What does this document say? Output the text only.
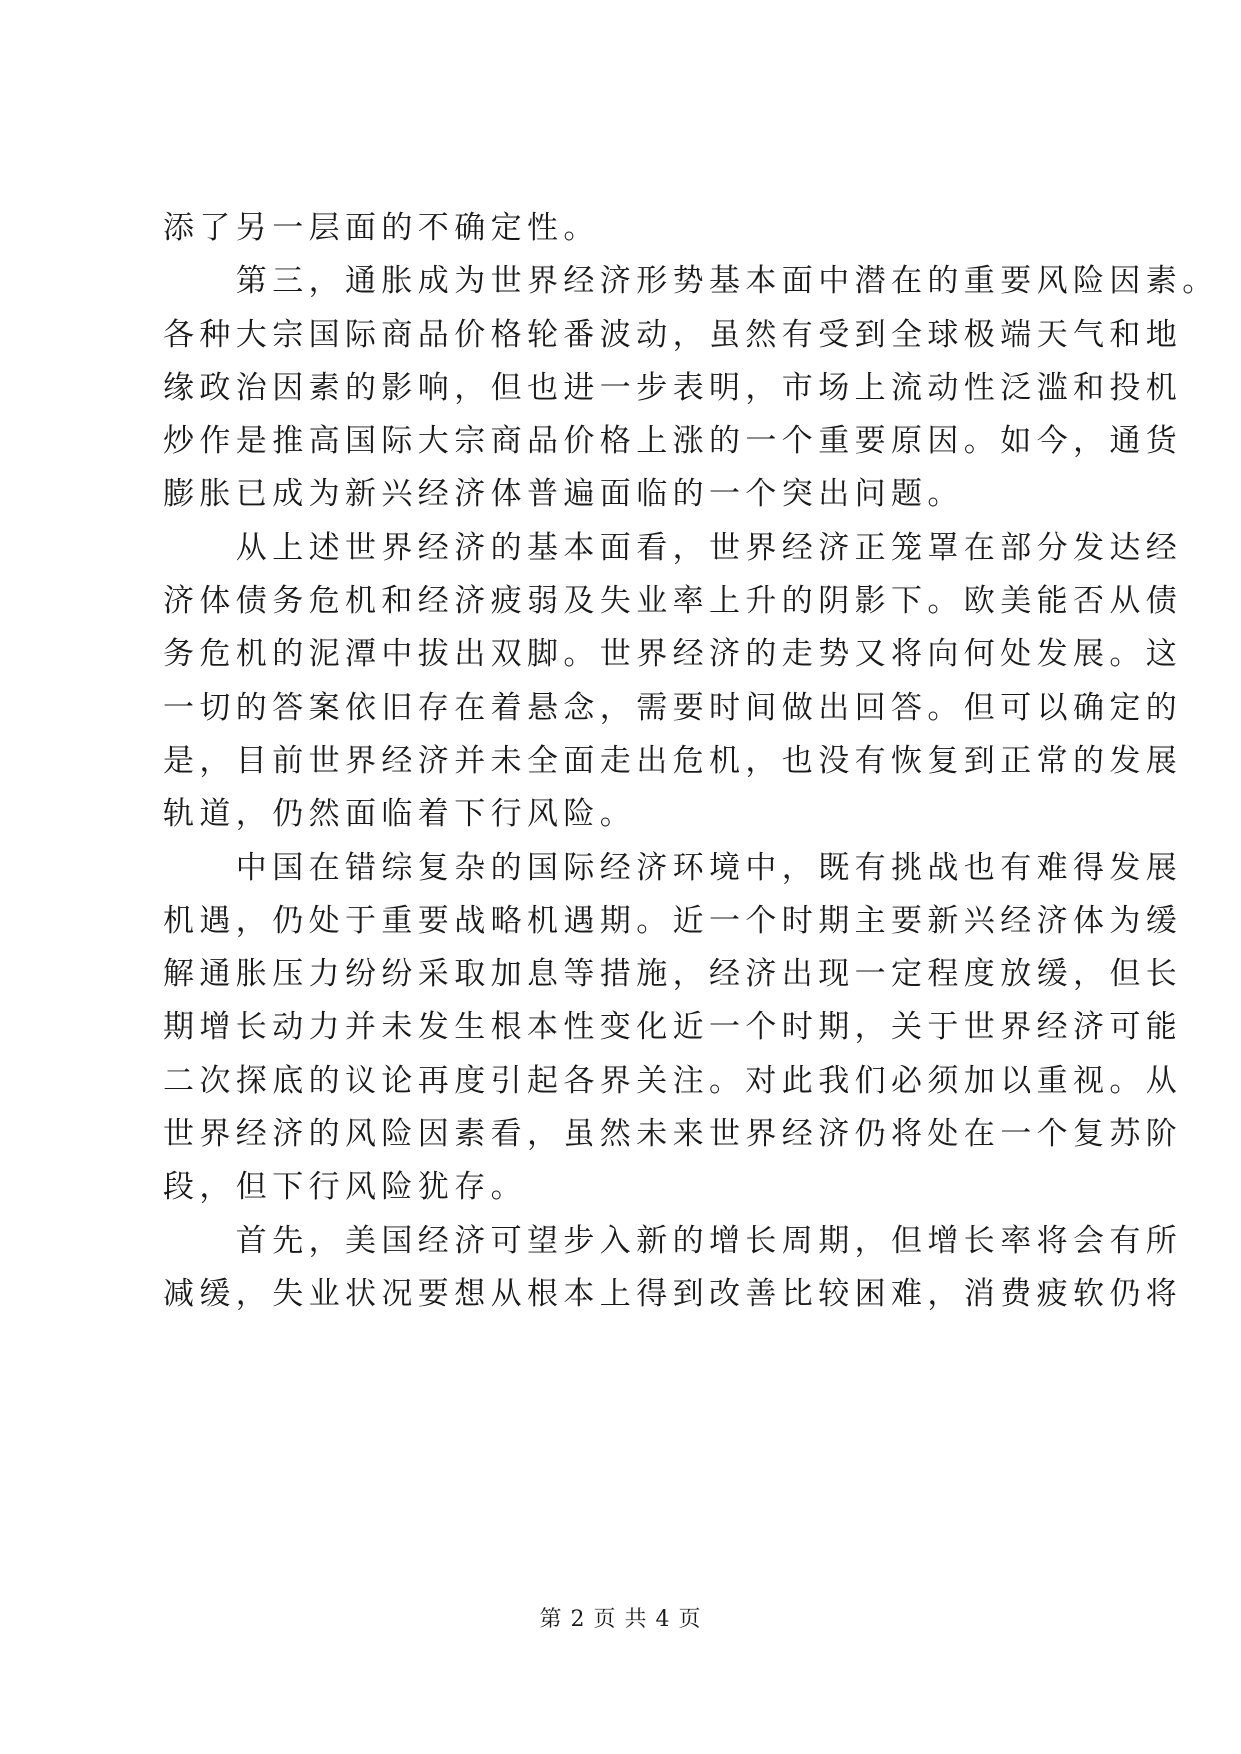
添了另一层面的不确定性。
　　第三，通胀成为世界经济形势基本面中潜在的重要风险因素。
各种大宗国际商品价格轮番波动，虽然有受到全球极端天气和地
缘政治因素的影响，但也进一步表明，市场上流动性泛滥和投机
炒作是推高国际大宗商品价格上涨的一个重要原因。如今，通货
膨胀已成为新兴经济体普遍面临的一个突出问题。
　　从上述世界经济的基本面看，世界经济正笼罩在部分发达经
济体债务危机和经济疲弱及失业率上升的阴影下。欧美能否从债
务危机的泥潭中拔出双脚。世界经济的走势又将向何处发展。这
一切的答案依旧存在着悬念，需要时间做出回答。但可以确定的
是，目前世界经济并未全面走出危机，也没有恢复到正常的发展
轨道，仍然面临着下行风险。
　　中国在错综复杂的国际经济环境中，既有挑战也有难得发展
机遇，仍处于重要战略机遇期。近一个时期主要新兴经济体为缓
解通胀压力纷纷采取加息等措施，经济出现一定程度放缓，但长
期增长动力并未发生根本性变化近一个时期，关于世界经济可能
二次探底的议论再度引起各界关注。对此我们必须加以重视。从
世界经济的风险因素看，虽然未来世界经济仍将处在一个复苏阶
段，但下行风险犹存。
　　首先，美国经济可望步入新的增长周期，但增长率将会有所
减缓，失业状况要想从根本上得到改善比较困难，消费疲软仍将
第 2 页 共 4 页
